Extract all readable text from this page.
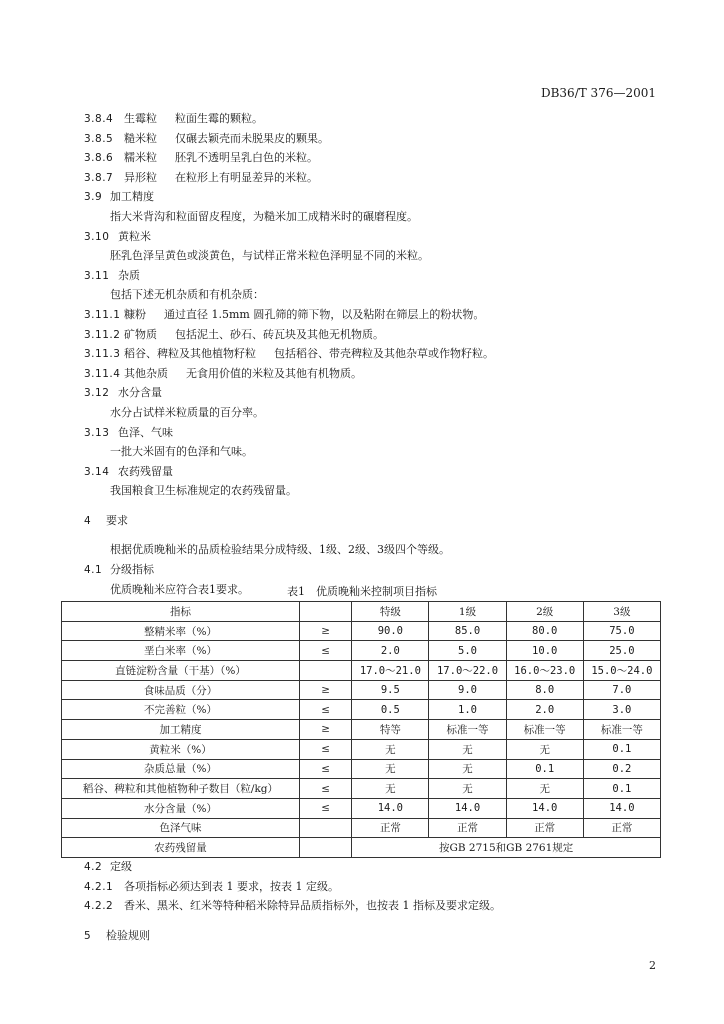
DB36/T 376—2001
3.8.4 生霉粒 粒面生霉的颗粒。
3.8.5 糙米粒 仅碾去颖壳而未脱果皮的颗果。
3.8.6 糯米粒 胚乳不透明呈乳白色的米粒。
3.8.7 异形粒 在粒形上有明显差异的米粒。
3.9 加工精度
指大米背沟和粒面留皮程度，为糙米加工成精米时的碾磨程度。
3.10 黄粒米
胚乳色泽呈黄色或淡黄色，与试样正常米粒色泽明显不同的米粒。
3.11 杂质
包括下述无机杂质和有机杂质：
3.11.1 糠粉 通过直径 1.5mm 圆孔筛的筛下物，以及粘附在筛层上的粉状物。
3.11.2 矿物质 包括泥土、砂石、砖瓦块及其他无机物质。
3.11.3 稻谷、稗粒及其他植物籽粒 包括稻谷、带壳稗粒及其他杂草或作物籽粒。
3.11.4 其他杂质 无食用价值的米粒及其他有机物质。
3.12 水分含量
水分占试样米粒质量的百分率。
3.13 色泽、气味
一批大米固有的色泽和气味。
3.14 农药残留量
我国粮食卫生标准规定的农药残留量。
4 要求
根据优质晚籼米的品质检验结果分成特级、1级、2级、3级四个等级。
4.1 分级指标
优质晚籼米应符合表1要求。	表1　优质晚籼米控制项目指标
指标		特级	1级	2级	3级
整精米率（%）	≥	90.0	85.0	80.0	75.0
垩白米率（%）	≤	2.0	5.0	10.0	25.0
直链淀粉含量（干基）（%）		17.0～21.0	17.0～22.0	16.0～23.0	15.0～24.0
食味品质（分）	≥	9.5	9.0	8.0	7.0
不完善粒（%）	≤	0.5	1.0	2.0	3.0
加工精度	≥	特等	标准一等	标准一等	标准一等
黄粒米（%）	≤	无	无	无	0.1
杂质总量（%）	≤	无	无	0.1	0.2
稻谷、稗粒和其他植物种子数目（粒/kg）	≤	无	无	无	0.1
水分含量（%）	≤	14.0	14.0	14.0	14.0
色泽气味		正常	正常	正常	正常
农药残留量		按GB 2715和GB 2761规定			
4.2 定级
4.2.1 各项指标必须达到表 1 要求，按表 1 定级。
4.2.2 香米、黑米、红米等特种稻米除特异品质指标外，也按表 1 指标及要求定级。
5 检验规则
2
